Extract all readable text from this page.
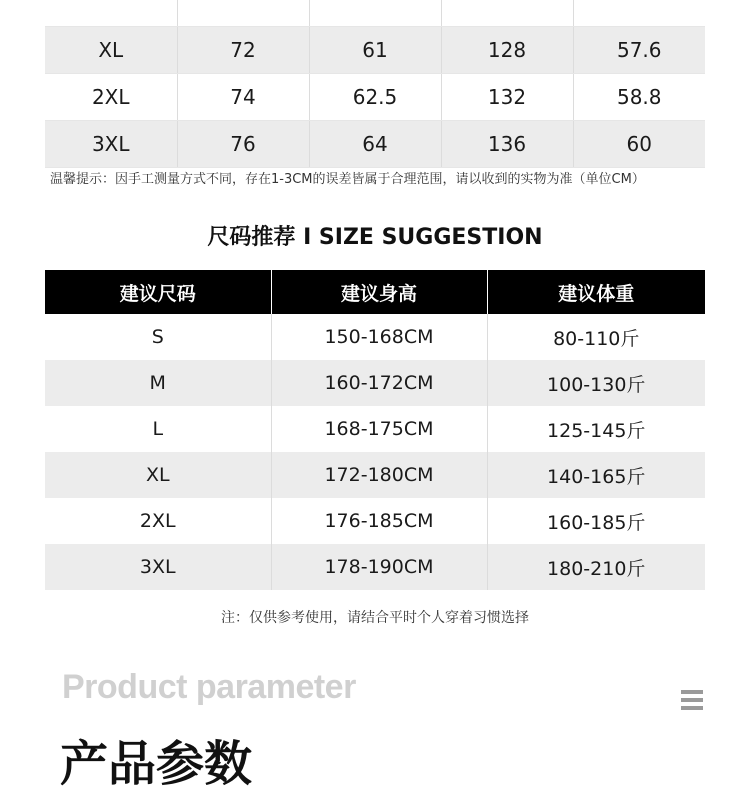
XL	72	61	128	57.6
2XL	74	62.5	132	58.8
3XL	76	64	136	60
温馨提示：因手工测量方式不同，存在1-3CM的误差皆属于合理范围，请以收到的实物为准（单位CM）
尺码推荐 I SIZE SUGGESTION
建议尺码	建议身高	建议体重
S	150-168CM	80-110斤
M	160-172CM	100-130斤
L	168-175CM	125-145斤
XL	172-180CM	140-165斤
2XL	176-185CM	160-185斤
3XL	178-190CM	180-210斤
注：仅供参考使用，请结合平时个人穿着习惯选择
Product parameter
产品参数
